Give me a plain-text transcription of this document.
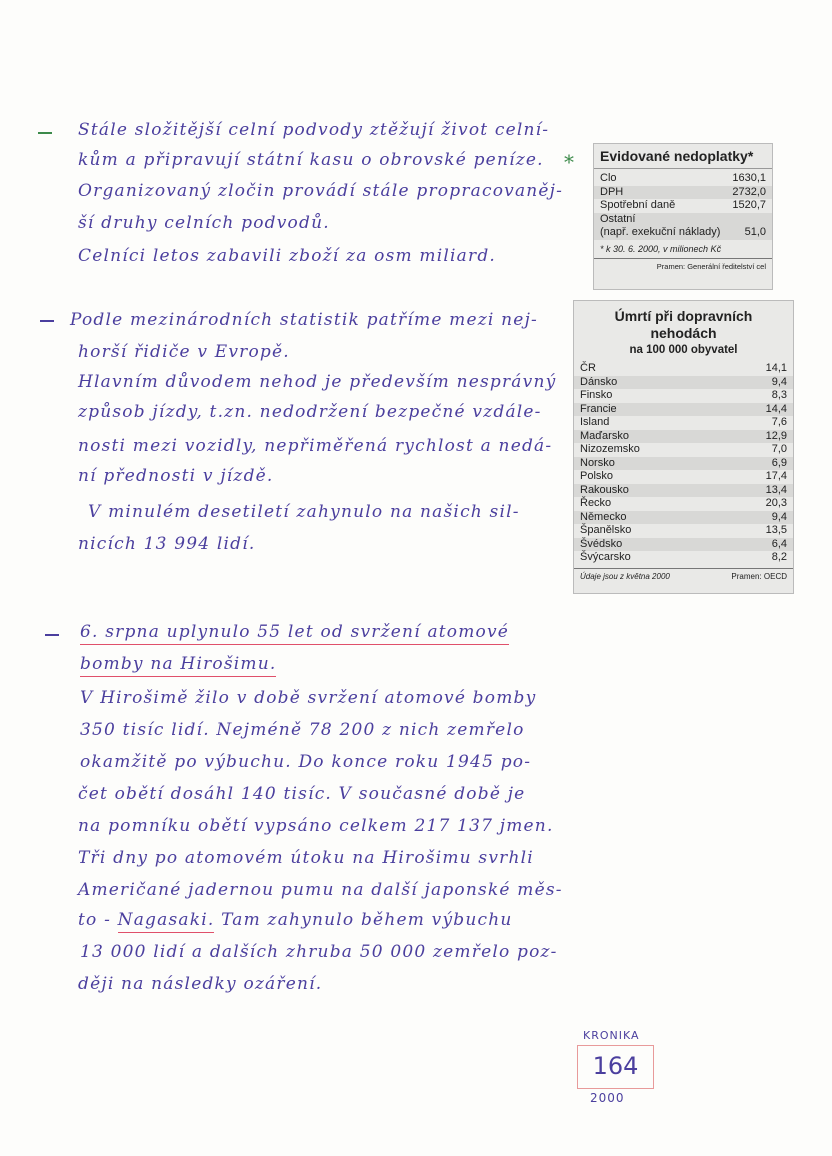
Stále složitější celní podvody ztěžují život celní-
kům a připravují státní kasu o obrovské peníze.
Organizovaný zločin provádí stále propracovaněj-
ší druhy celních podvodů.
Celníci letos zabavili zboží za osm miliard.
*	Evidované nedoplatky*
Clo	1630,1
DPH	2732,0
Spotřební daně	1520,7
Ostatní
(např. exekuční náklady) 51,0
* k 30. 6. 2000, v milionech Kč
Pramen: Generální ředitelství cel
Podle mezinárodních statistik patříme mezi nej-
horší řidiče v Evropě.
Hlavním důvodem nehod je především nesprávný
způsob jízdy, t.zn. nedodržení bezpečné vzdále-
nosti mezi vozidly, nepřiměřená rychlost a nedá-
ní přednosti v jízdě.
V minulém desetiletí zahynulo na našich sil-
nicích 13 994 lidí.
Úmrtí při dopravních nehodách
na 100 000 obyvatel
ČR	14,1
Dánsko	9,4
Finsko	8,3
Francie	14,4
Island	7,6
Maďarsko	12,9
Nizozemsko	7,0
Norsko	6,9
Polsko	17,4
Rakousko	13,4
Řecko	20,3
Německo	9,4
Španělsko	13,5
Švédsko	6,4
Švýcarsko	8,2
Údaje jsou z května 2000	Pramen: OECD
6. srpna uplynulo 55 let od svržení atomové
bomby na Hirošimu.
V Hirošimě žilo v době svržení atomové bomby
350 tisíc lidí. Nejméně 78 200 z nich zemřelo
okamžitě po výbuchu. Do konce roku 1945 po-
čet obětí dosáhl 140 tisíc. V současné době je
na pomníku obětí vypsáno celkem 217 137 jmen.
Tři dny po atomovém útoku na Hirošimu svrhli
Američané jadernou pumu na další japonské měs-
to - Nagasaki. Tam zahynulo během výbuchu
13 000 lidí a dalších zhruba 50 000 zemřelo poz-
ději na následky ozáření.
KRONIKA
164
2000
